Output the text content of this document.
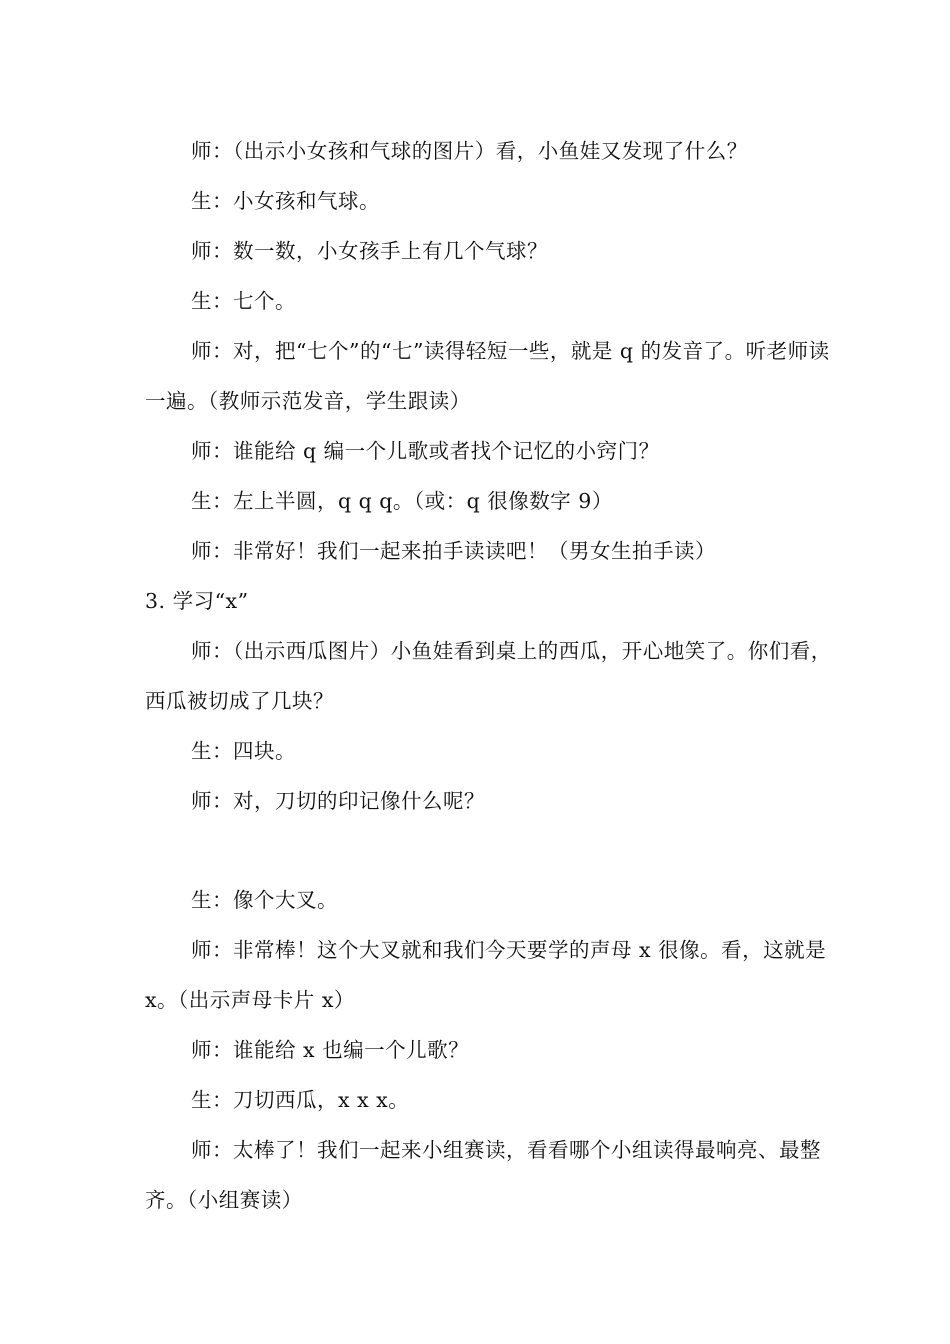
师：（出示小女孩和气球的图片）看，小鱼娃又发现了什么？

生：小女孩和气球。

师：数一数，小女孩手上有几个气球？

生：七个。

师：对，把“七个”的“七”读得轻短一些，就是 q 的发音了。听老师读一遍。（教师示范发音，学生跟读）

师：谁能给 q 编一个儿歌或者找个记忆的小窍门？

生：左上半圆，q q q。（或：q 很像数字 9）

师：非常好！我们一起来拍手读读吧！（男女生拍手读）

3. 学习“x”

师：（出示西瓜图片）小鱼娃看到桌上的西瓜，开心地笑了。你们看，西瓜被切成了几块？

生：四块。

师：对，刀切的印记像什么呢？

生：像个大叉。

师：非常棒！这个大叉就和我们今天要学的声母 x 很像。看，这就是 x。（出示声母卡片 x）

师：谁能给 x 也编一个儿歌？

生：刀切西瓜，x x x。

师：太棒了！我们一起来小组赛读，看看哪个小组读得最响亮、最整齐。（小组赛读）
